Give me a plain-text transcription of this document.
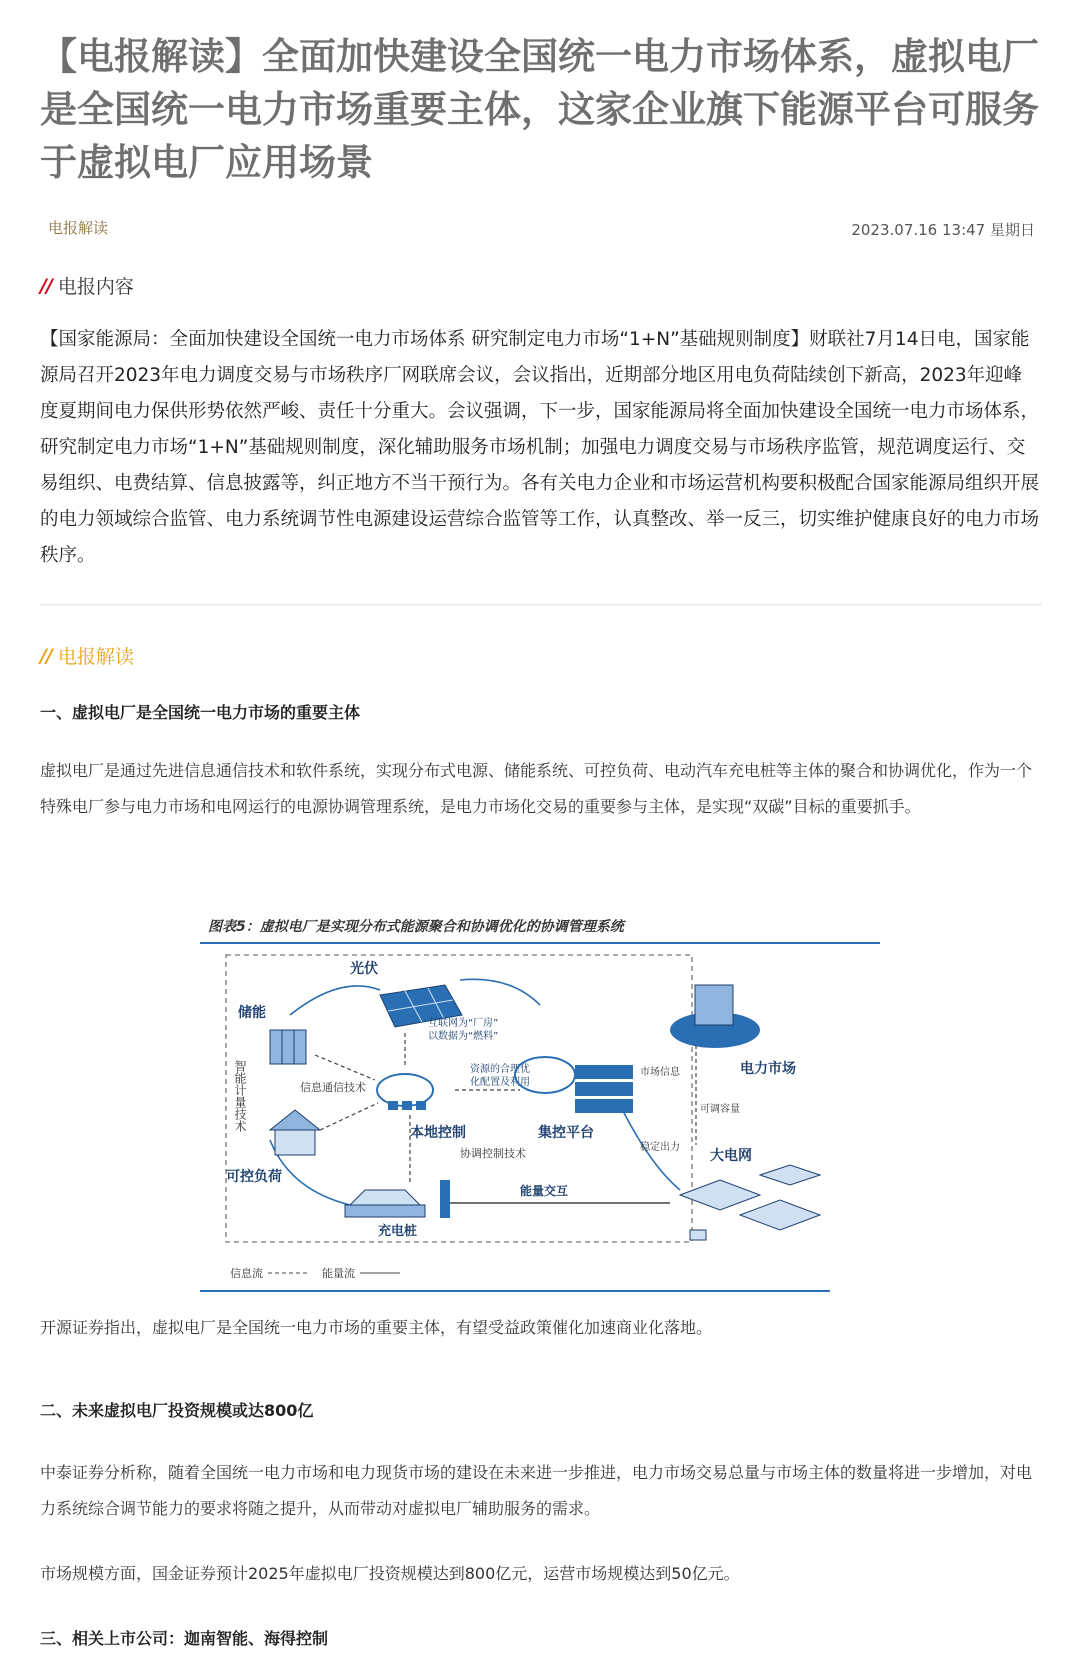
【电报解读】全面加快建设全国统一电力市场体系，虚拟电厂是全国统一电力市场重要主体，这家企业旗下能源平台可服务于虚拟电厂应用场景
电报解读	2023.07.16 13:47 星期日
// 电报内容

【国家能源局：全面加快建设全国统一电力市场体系 研究制定电力市场“1+N”基础规则制度】财联社7月14日电，国家能源局召开2023年电力调度交易与市场秩序厂网联席会议，会议指出，近期部分地区用电负荷陆续创下新高，2023年迎峰度夏期间电力保供形势依然严峻、责任十分重大。会议强调，下一步，国家能源局将全面加快建设全国统一电力市场体系，研究制定电力市场“1+N”基础规则制度，深化辅助服务市场机制；加强电力调度交易与市场秩序监管，规范调度运行、交易组织、电费结算、信息披露等，纠正地方不当干预行为。各有关电力企业和市场运营机构要积极配合国家能源局组织开展的电力领域综合监管、电力系统调节性电源建设运营综合监管等工作，认真整改、举一反三，切实维护健康良好的电力市场秩序。

// 电报解读
一、虚拟电厂是全国统一电力市场的重要主体

虚拟电厂是通过先进信息通信技术和软件系统，实现分布式电源、储能系统、可控负荷、电动汽车充电桩等主体的聚合和协调优化，作为一个特殊电厂参与电力市场和电网运行的电源协调管理系统，是电力市场化交易的重要参与主体，是实现“双碳”目标的重要抓手。

图表5：虚拟电厂是实现分布式能源聚合和协调优化的协调管理系统
光伏
储能
智能计量技术	信息通信技术
可控负荷
充电桩
本地控制
协调控制技术
互联网为“厂房”
以数据为“燃料”
资源的合理优
化配置及利用
集控平台
能量交互
电力市场
市场信息
可调容量
稳定出力
大电网
信息流	能量流

开源证券指出，虚拟电厂是全国统一电力市场的重要主体，有望受益政策催化加速商业化落地。

二、未来虚拟电厂投资规模或达800亿

中泰证券分析称，随着全国统一电力市场和电力现货市场的建设在未来进一步推进，电力市场交易总量与市场主体的数量将进一步增加，对电力系统综合调节能力的要求将随之提升，从而带动对虚拟电厂辅助服务的需求。

市场规模方面，国金证券预计2025年虚拟电厂投资规模达到800亿元，运营市场规模达到50亿元。

三、相关上市公司：迦南智能、海得控制
